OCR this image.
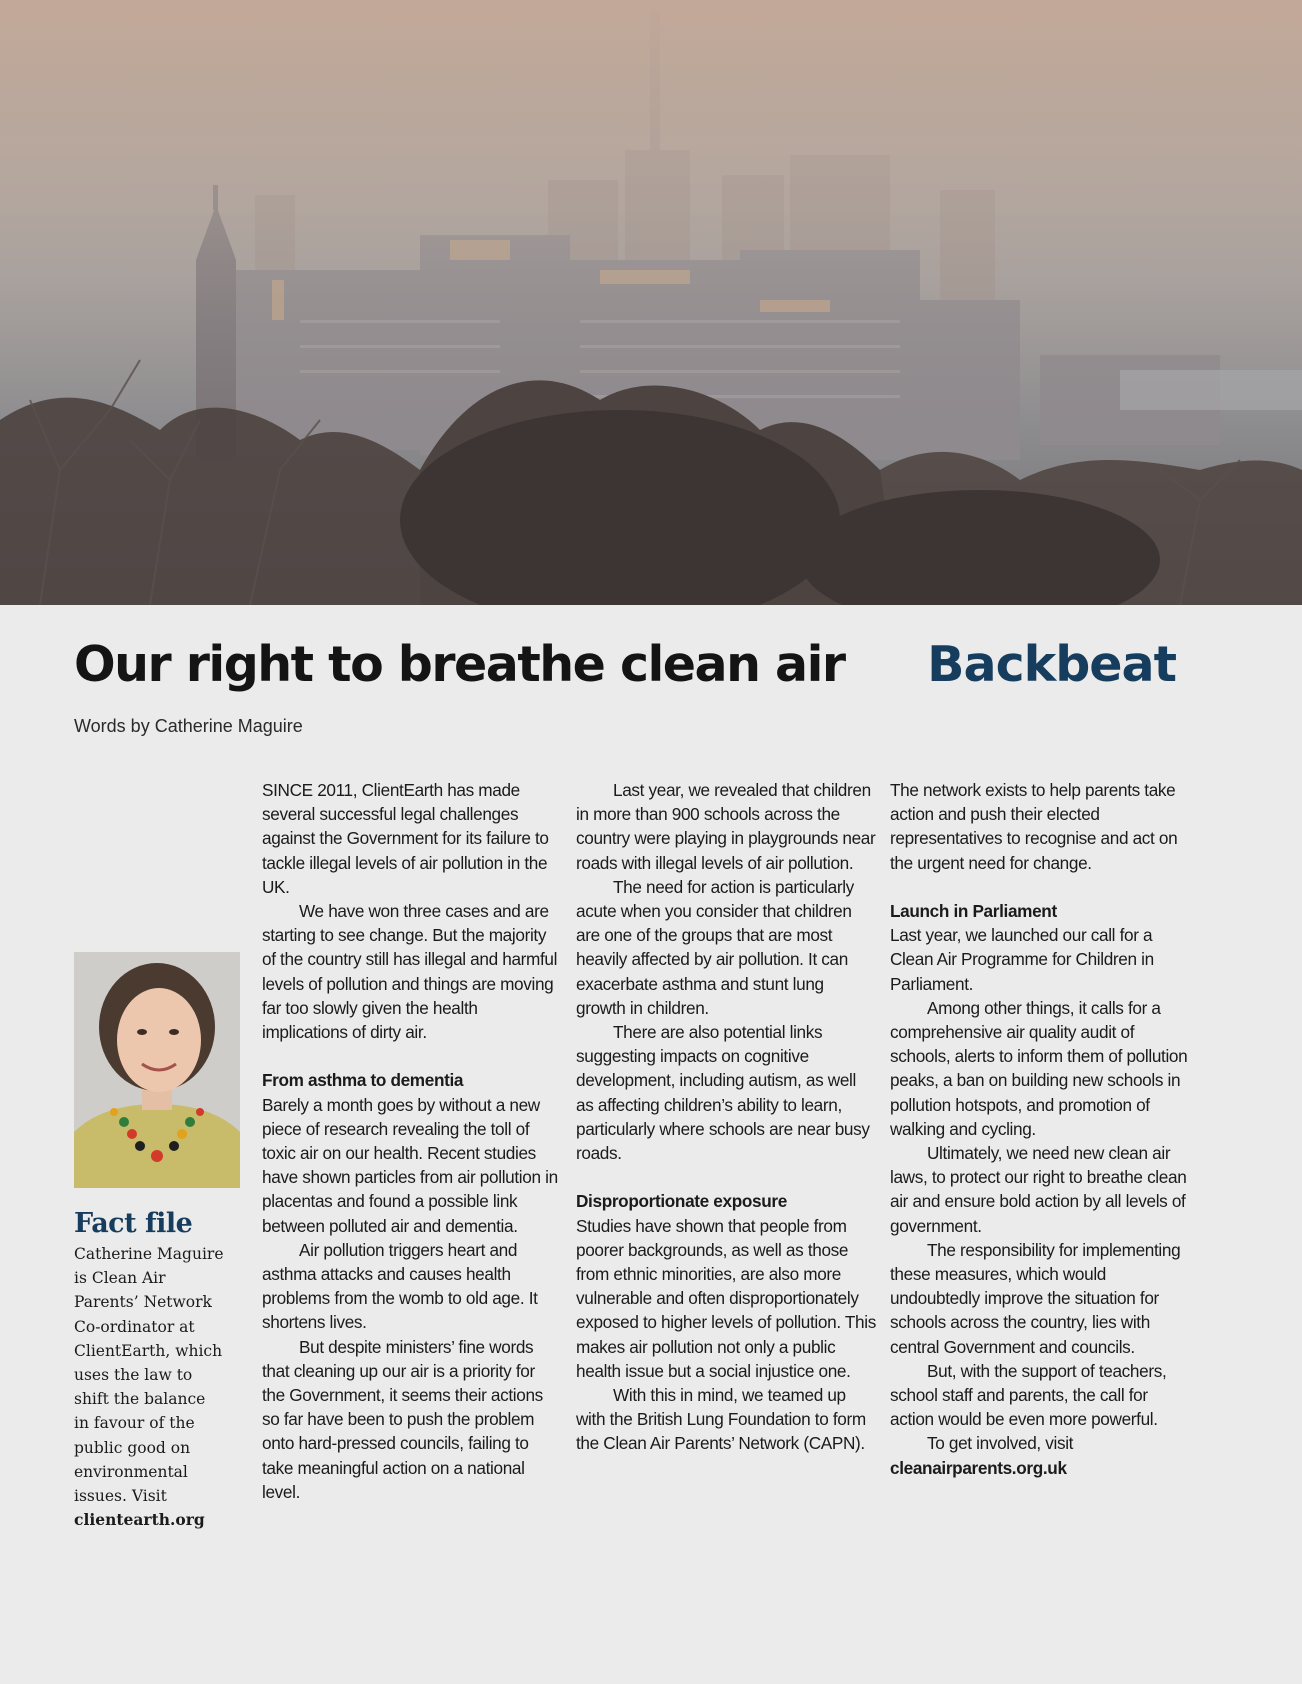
Our right to breathe clean air Backbeat
Words by Catherine Maguire
Fact file
Catherine Maguire is Clean Air Parents’ Network Co-ordinator at ClientEarth, which uses the law to shift the balance in favour of the public good on environmental issues. Visit
clientearth.org

SINCE 2011, ClientEarth has made several successful legal challenges against the Government for its failure to tackle illegal levels of air pollution in the UK.

We have won three cases and are starting to see change. But the majority of the country still has illegal and harmful levels of pollution and things are moving far too slowly given the health implications of dirty air.

From asthma to dementia

Barely a month goes by without a new piece of research revealing the toll of toxic air on our health. Recent studies have shown particles from air pollution in placentas and found a possible link between polluted air and dementia.

Air pollution triggers heart and asthma attacks and causes health problems from the womb to old age. It shortens lives.

But despite ministers’ fine words that cleaning up our air is a priority for the Government, it seems their actions so far have been to push the problem onto hard-pressed councils, failing to take meaningful action on a national level.

Last year, we revealed that children in more than 900 schools across the country were playing in playgrounds near roads with illegal levels of air pollution.

The need for action is particularly acute when you consider that children are one of the groups that are most heavily affected by air pollution. It can exacerbate asthma and stunt lung growth in children.

There are also potential links suggesting impacts on cognitive development, including autism, as well as affecting children’s ability to learn, particularly where schools are near busy roads.

Disproportionate exposure

Studies have shown that people from poorer backgrounds, as well as those from ethnic minorities, are also more vulnerable and often disproportionately exposed to higher levels of pollution. This makes air pollution not only a public health issue but a social injustice one.

With this in mind, we teamed up with the British Lung Foundation to form the Clean Air Parents’ Network (CAPN).

The network exists to help parents take action and push their elected representatives to recognise and act on the urgent need for change.

Launch in Parliament

Last year, we launched our call for a Clean Air Programme for Children in Parliament.

Among other things, it calls for a comprehensive air quality audit of schools, alerts to inform them of pollution peaks, a ban on building new schools in pollution hotspots, and promotion of walking and cycling.

Ultimately, we need new clean air laws, to protect our right to breathe clean air and ensure bold action by all levels of government.

The responsibility for implementing these measures, which would undoubtedly improve the situation for schools across the country, lies with central Government and councils.

But, with the support of teachers, school staff and parents, the call for action would be even more powerful.

To get involved, visit

cleanairparents.org.uk
